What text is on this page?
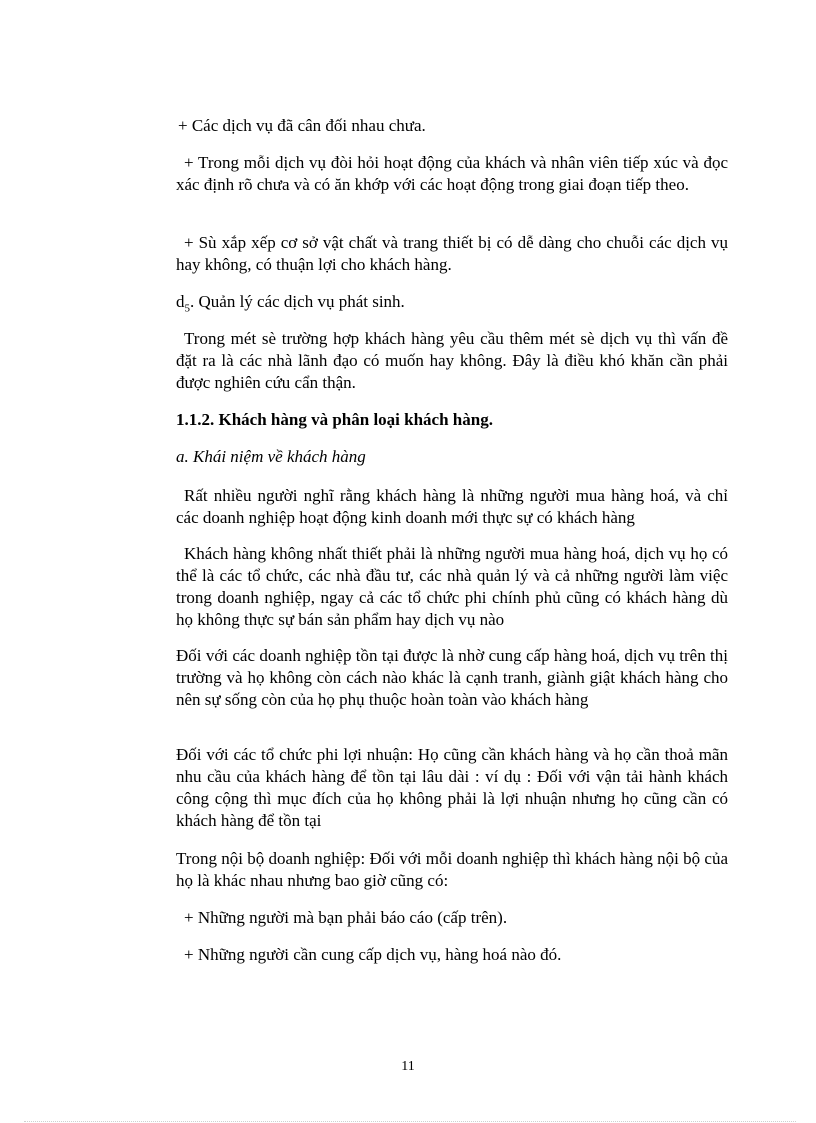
+ Các dịch vụ đã cân đối nhau chưa.

+ Trong mỗi dịch vụ đòi hỏi hoạt động của khách và nhân viên tiếp xúc và đọc xác định rõ chưa và có ăn khớp với các hoạt động trong giai đoạn tiếp theo.

+ Sù xắp xếp cơ sở vật chất và trang thiết bị có dễ dàng cho chuỗi các dịch vụ hay không, có thuận lợi cho khách hàng.

$d_5$. Quản lý các dịch vụ phát sinh.

Trong mét sè trường hợp khách hàng yêu cầu thêm mét sè dịch vụ thì vấn đề đặt ra là các nhà lãnh đạo có muốn hay không. Đây là điều khó khăn cần phải được nghiên cứu cẩn thận.

1.1.2. Khách hàng và phân loại khách hàng.

a. Khái niệm về khách hàng

Rất nhiều người nghĩ rằng khách hàng là những người mua hàng hoá, và chỉ các doanh nghiệp hoạt động kinh doanh mới thực sự có khách hàng

Khách hàng không nhất thiết phải là những người mua hàng hoá, dịch vụ họ có thể là các tổ chức, các nhà đầu tư, các nhà quản lý và cả những người làm việc trong doanh nghiệp, ngay cả các tổ chức phi chính phủ cũng có khách hàng dù họ không thực sự bán sản phẩm hay dịch vụ nào

Đối với các doanh nghiệp tồn tại được là nhờ cung cấp hàng hoá, dịch vụ trên thị trường và họ không còn cách nào khác là cạnh tranh, giành giật khách hàng cho nên sự sống còn của họ phụ thuộc hoàn toàn vào khách hàng

Đối với các tổ chức phi lợi nhuận: Họ cũng cần khách hàng và họ cần thoả mãn nhu cầu của khách hàng để tồn tại lâu dài : ví dụ : Đối với vận tải hành khách công cộng thì mục đích của họ không phải là lợi nhuận nhưng họ cũng cần có khách hàng để tồn tại

Trong nội bộ doanh nghiệp: Đối với mỗi doanh nghiệp thì khách hàng nội bộ của họ là khác nhau nhưng bao giờ cũng có:

+ Những người mà bạn phải báo cáo (cấp trên).

+ Những người cần cung cấp dịch vụ, hàng hoá nào đó.

11
